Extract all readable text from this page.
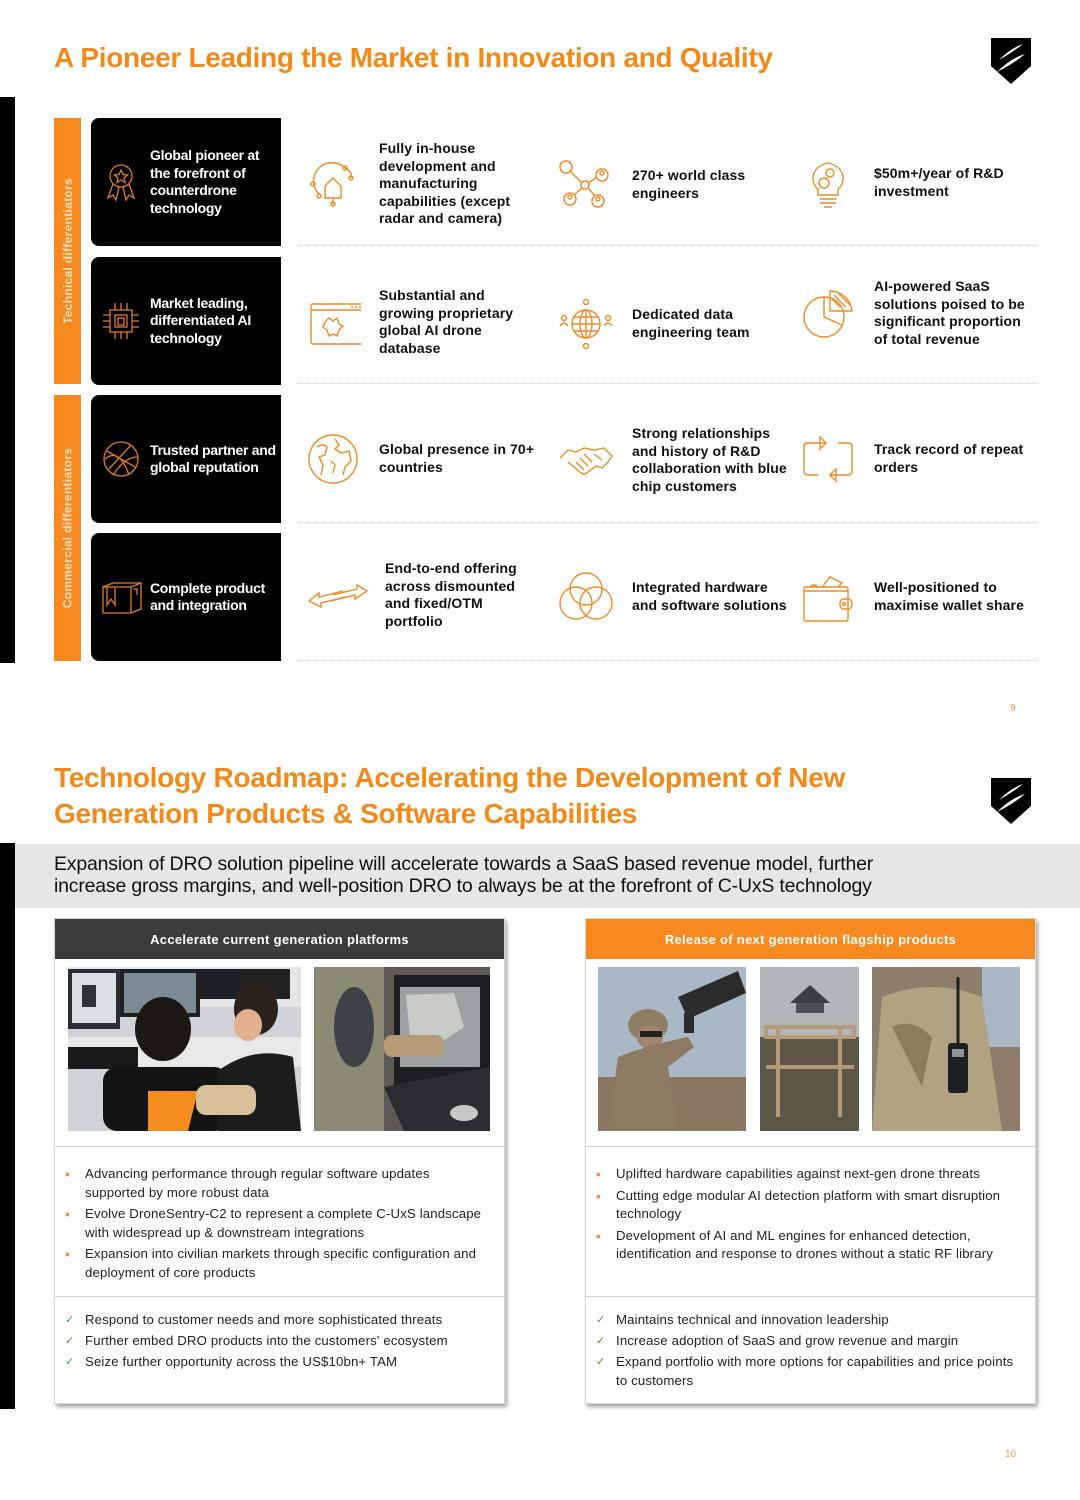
A Pioneer Leading the Market in Innovation and Quality
Technical differentiators
Commercial differentiators
Global pioneer at the forefront of counterdrone technology
Fully in-house development and manufacturing capabilities (except radar and camera)
270+ world class engineers
$50m+/year of R&D investment
Market leading, differentiated AI technology
Substantial and growing proprietary global AI drone database
Dedicated data engineering team
AI-powered SaaS solutions poised to be significant proportion of total revenue
Trusted partner and global reputation
Global presence in 70+ countries
Strong relationships and history of R&D collaboration with blue chip customers
Track record of repeat orders
Complete product and integration
End-to-end offering across dismounted and fixed/OTM portfolio
Integrated hardware and software solutions
Well-positioned to maximise wallet share
9
Technology Roadmap: Accelerating the Development of New
Generation Products & Software Capabilities
Expansion of DRO solution pipeline will accelerate towards a SaaS based revenue model, further
increase gross margins, and well-position DRO to always be at the forefront of C-UxS technology
Accelerate current generation platforms
• Advancing performance through regular software updates supported by more robust data
• Evolve DroneSentry-C2 to represent a complete C-UxS landscape with widespread up & downstream integrations
• Expansion into civilian markets through specific configuration and deployment of core products
✓ Respond to customer needs and more sophisticated threats
✓ Further embed DRO products into the customers' ecosystem
✓ Seize further opportunity across the US$10bn+ TAM
Release of next generation flagship products
• Uplifted hardware capabilities against next-gen drone threats
• Cutting edge modular AI detection platform with smart disruption technology
• Development of AI and ML engines for enhanced detection, identification and response to drones without a static RF library
✓ Maintains technical and innovation leadership
✓ Increase adoption of SaaS and grow revenue and margin
✓ Expand portfolio with more options for capabilities and price points to customers
10
